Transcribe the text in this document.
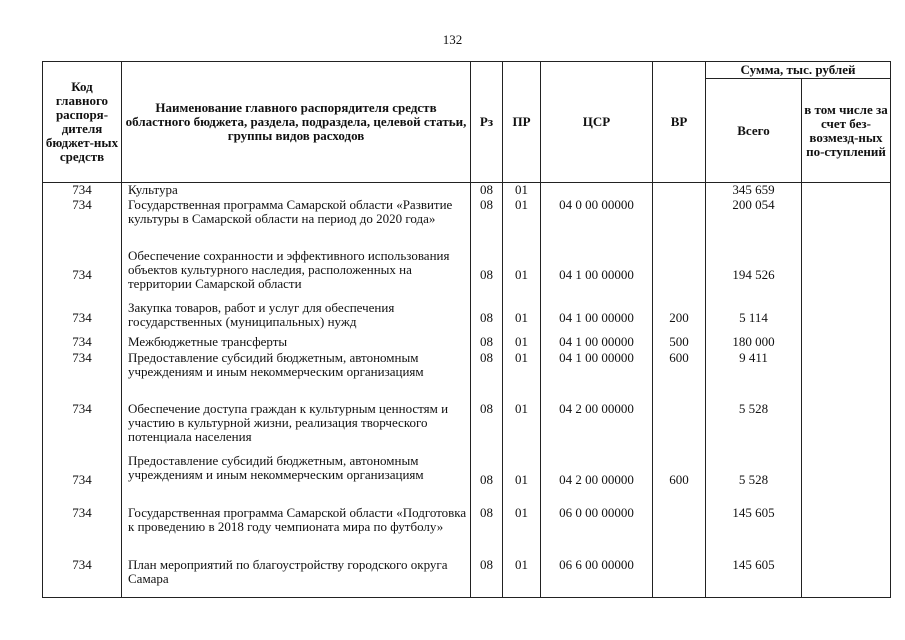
132
Код главного распоря-дителя бюджет-ных средств	Наименование главного распорядителя средств областного бюджета, раздела, подраздела, целевой статьи, группы видов расходов	Рз	ПР	ЦСР	ВР	Сумма, тыс. рублей	
						Всего	в том числе за счет без-возмезд-ных по-ступлений
734	Культура	08	01			345 659	
734	Государственная программа Самарской области «Развитие культуры в Самарской области на период до 2020 года»	08	01	04 0 00 00000		200 054	
734	Обеспечение сохранности и эффективного использования объектов культурного наследия, расположенных на территории Самарской области	08	01	04 1 00 00000		194 526	
734	Закупка товаров, работ и услуг для обеспечения государственных (муниципальных) нужд	08	01	04 1 00 00000	200	5 114	
734	Межбюджетные трансферты	08	01	04 1 00 00000	500	180 000	
734	Предоставление субсидий бюджетным, автономным учреждениям и иным некоммерческим организациям	08	01	04 1 00 00000	600	9 411	
734	Обеспечение доступа граждан к культурным ценностям и участию в культурной жизни, реализация творческого потенциала населения	08	01	04 2 00 00000		5 528	
734	Предоставление субсидий бюджетным, автономным учреждениям и иным некоммерческим организациям	08	01	04 2 00 00000	600	5 528	
734	Государственная программа Самарской области «Подготовка к проведению в 2018 году чемпионата мира по футболу»	08	01	06 0 00 00000		145 605	
734	План мероприятий по благоустройству городского округа Самара	08	01	06 6 00 00000		145 605	
